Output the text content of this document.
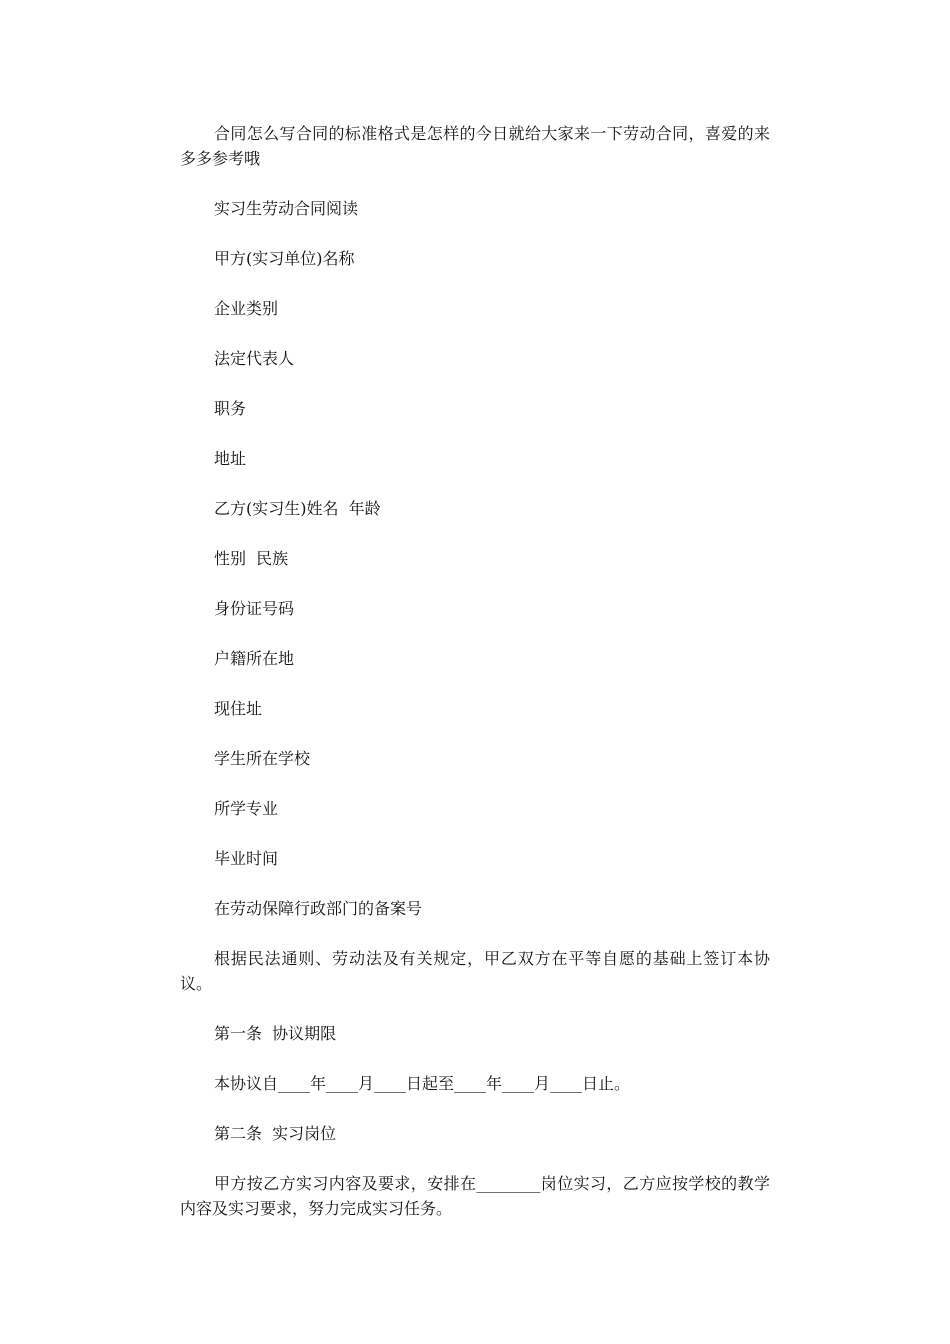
合同怎么写合同的标准格式是怎样的今日就给大家来一下劳动合同，喜爱的来多多参考哦

实习生劳动合同阅读

甲方(实习单位)名称

企业类别

法定代表人

职务

地址

乙方(实习生)姓名  年龄

性别  民族

身份证号码

户籍所在地

现住址

学生所在学校

所学专业

毕业时间

在劳动保障行政部门的备案号

根据民法通则、劳动法及有关规定，甲乙双方在平等自愿的基础上签订本协议。

第一条  协议期限

本协议自____年____月____日起至____年____月____日止。

第二条  实习岗位

甲方按乙方实习内容及要求，安排在________岗位实习，乙方应按学校的教学内容及实习要求，努力完成实习任务。
